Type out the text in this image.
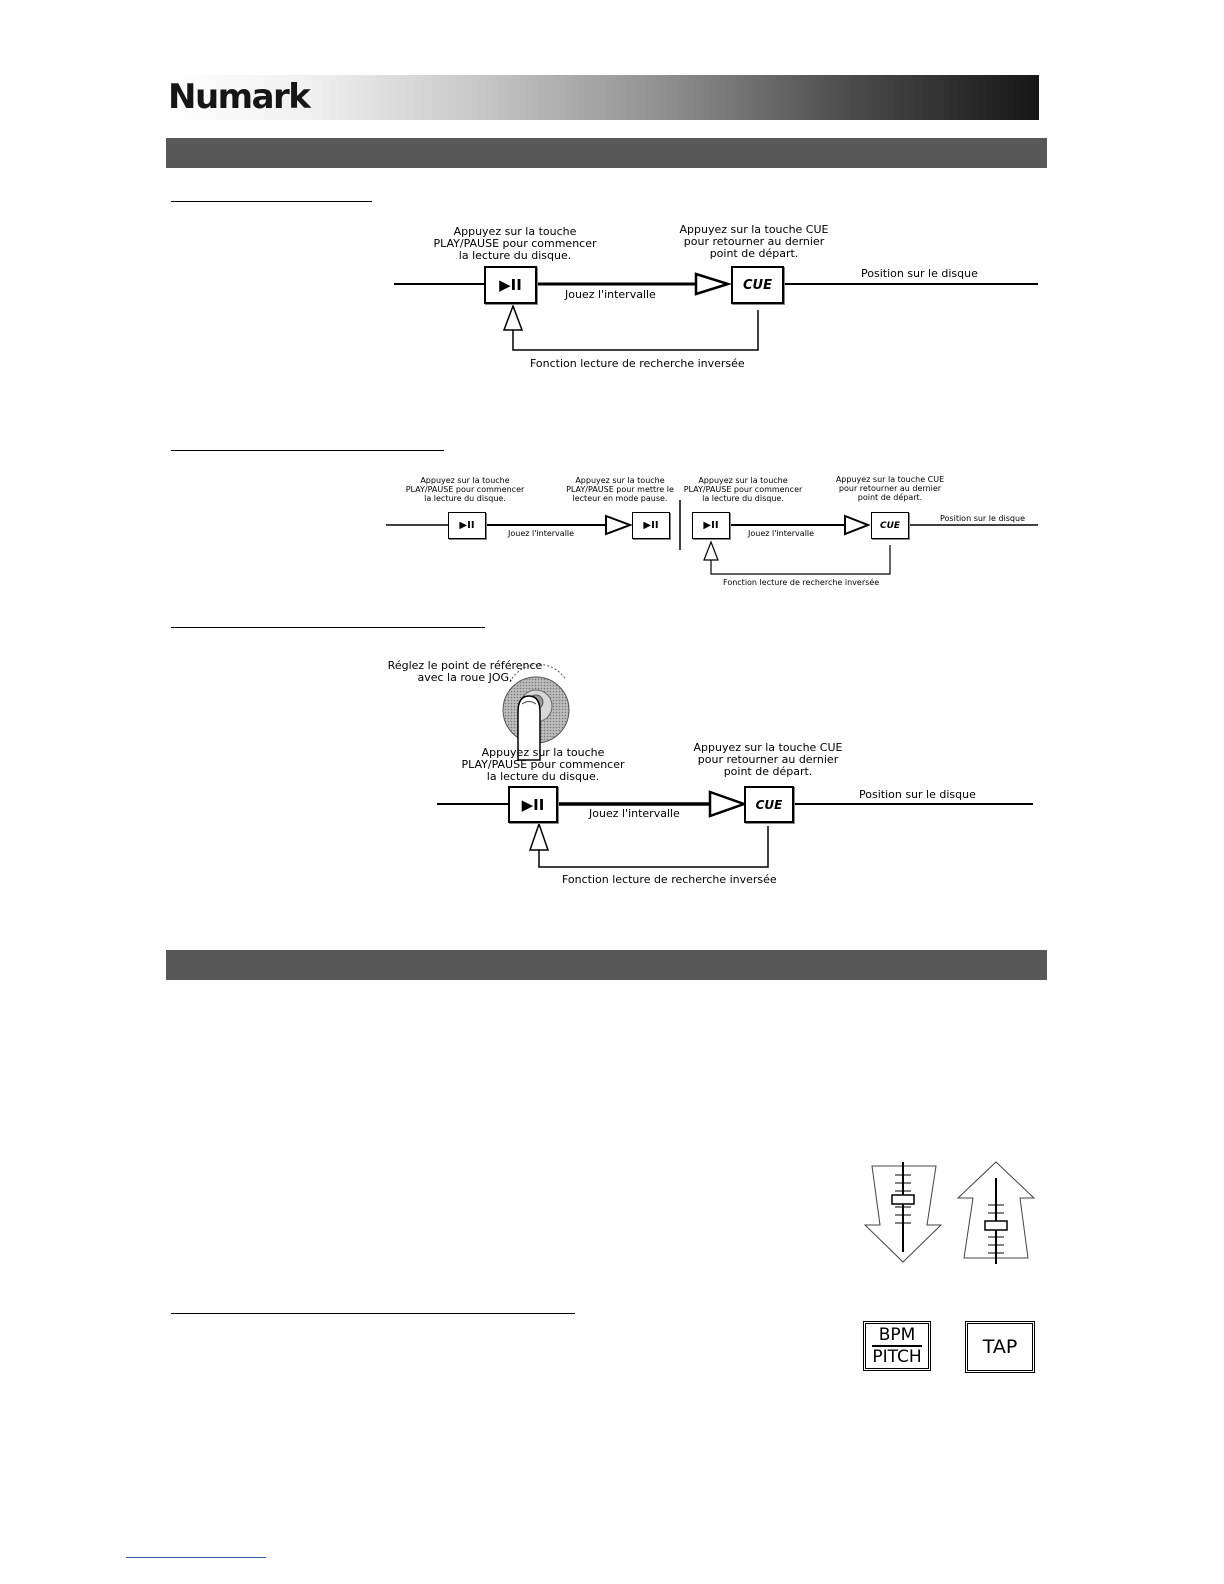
Numark
Appuyez sur la touche
PLAY/PAUSE pour commencer
la lecture du disque.
Appuyez sur la touche CUE
pour retourner au dernier
point de départ.
Position sur le disque
Jouez l'intervalle
Fonction lecture de recherche inversée
▶II	CUE
Appuyez sur la touche
PLAY/PAUSE pour commencer
la lecture du disque.
Appuyez sur la touche
PLAY/PAUSE pour mettre le
lecteur en mode pause.
Appuyez sur la touche
PLAY/PAUSE pour commencer
la lecture du disque.
Appuyez sur la touche CUE
pour retourner au dernier
point de départ.
Position sur le disque
Jouez l'intervalle	Jouez l'intervalle
Fonction lecture de recherche inversée
▶II	▶II	▶II	CUE
Réglez le point de référence
avec la roue JOG.
Appuyez sur la touche
PLAY/PAUSE pour commencer
la lecture du disque.
Appuyez sur la touche CUE
pour retourner au dernier
point de départ.
Position sur le disque
Jouez l'intervalle
Fonction lecture de recherche inversée
▶II	CUE
BPM
PITCH	TAP
